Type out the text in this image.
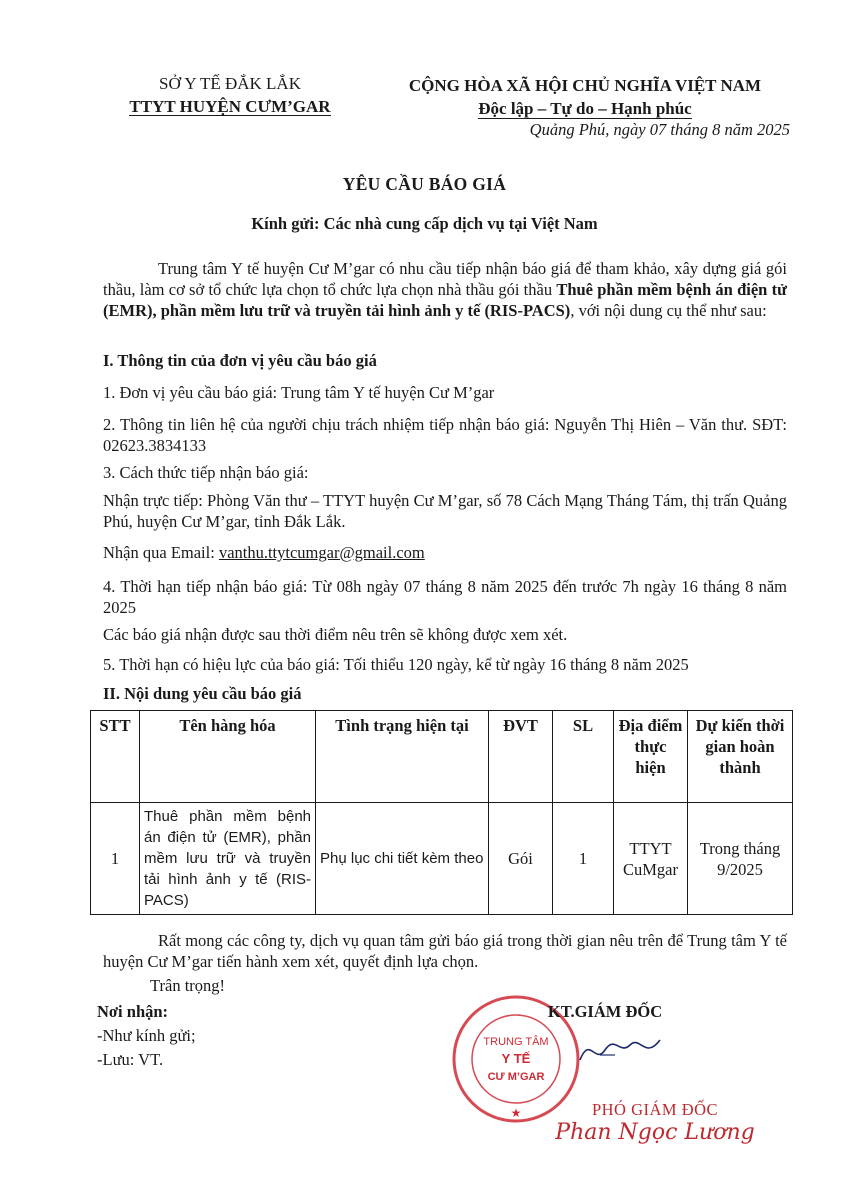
SỞ Y TẾ ĐẮK LẮK
TTYT HUYỆN CƯM’GAR
CỘNG HÒA XÃ HỘI CHỦ NGHĨA VIỆT NAM
Độc lập – Tự do – Hạnh phúc
Quảng Phú, ngày 07 tháng 8 năm 2025
YÊU CẦU BÁO GIÁ
Kính gửi: Các nhà cung cấp dịch vụ tại Việt Nam
Trung tâm Y tế huyện Cư M’gar có nhu cầu tiếp nhận báo giá để tham khảo, xây dựng giá gói thầu, làm cơ sở tổ chức lựa chọn tổ chức lựa chọn nhà thầu gói thầu Thuê phần mềm bệnh án điện tử (EMR), phần mềm lưu trữ và truyền tải hình ảnh y tế (RIS-PACS), với nội dung cụ thể như sau:
I. Thông tin của đơn vị yêu cầu báo giá
1. Đơn vị yêu cầu báo giá: Trung tâm Y tế huyện Cư M’gar
2. Thông tin liên hệ của người chịu trách nhiệm tiếp nhận báo giá: Nguyễn Thị Hiên – Văn thư. SĐT: 02623.3834133
3. Cách thức tiếp nhận báo giá:
Nhận trực tiếp: Phòng Văn thư – TTYT huyện Cư M’gar, số 78 Cách Mạng Tháng Tám, thị trấn Quảng Phú, huyện Cư M’gar, tỉnh Đắk Lắk.
Nhận qua Email: vanthu.ttytcumgar@gmail.com
4. Thời hạn tiếp nhận báo giá: Từ 08h ngày 07 tháng 8 năm 2025 đến trước 7h ngày 16 tháng 8 năm 2025
Các báo giá nhận được sau thời điểm nêu trên sẽ không được xem xét.
5. Thời hạn có hiệu lực của báo giá: Tối thiểu 120 ngày, kể từ ngày 16 tháng 8 năm 2025
II. Nội dung yêu cầu báo giá
STT	Tên hàng hóa	Tình trạng hiện tại	ĐVT	SL	Địa điểm thực hiện	Dự kiến thời gian hoàn thành
1	Thuê phần mềm bệnh án điện tử (EMR), phần mềm lưu trữ và truyền tải hình ảnh y tế (RIS-PACS)	Phụ lục chi tiết kèm theo	Gói	1	TTYT CuMgar	Trong tháng 9/2025
Rất mong các công ty, dịch vụ quan tâm gửi báo giá trong thời gian nêu trên để Trung tâm Y tế huyện Cư M’gar tiến hành xem xét, quyết định lựa chọn.
Trân trọng!
Nơi nhận:
-Như kính gửi;
-Lưu: VT.
TRUNG TÂM
Y TẾ
CƯ M’GAR
★
KT.GIÁM ĐỐC
PHÓ GIÁM ĐỐC
Phan Ngọc Lương
